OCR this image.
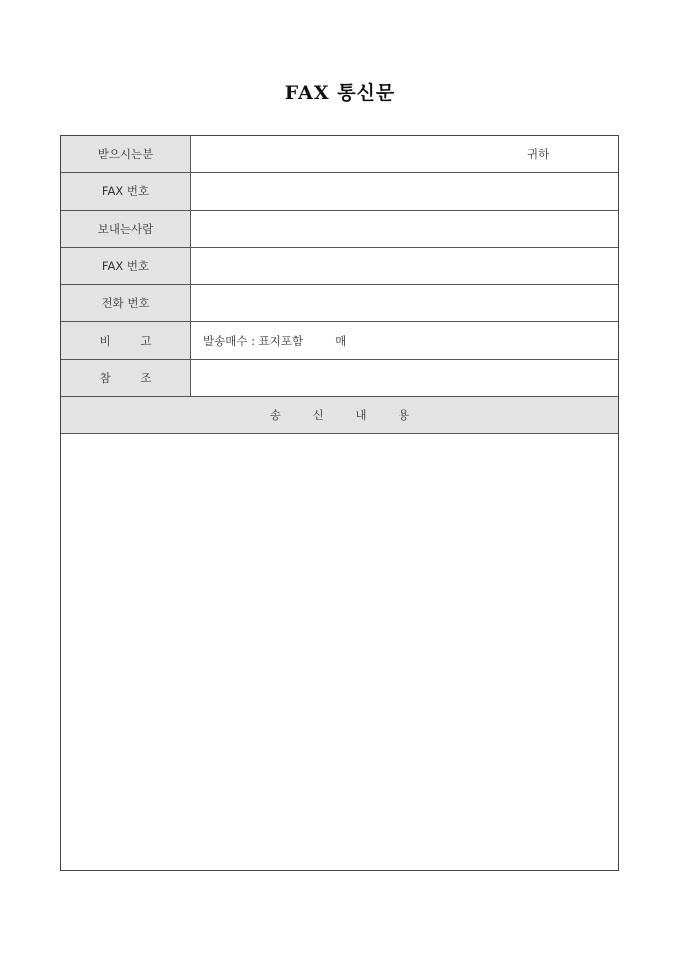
FAX 통신문
받으시는분	귀하
FAX 번호
보내는사람
FAX 번호
전화 번호
비 고	발송매수 : 표지포함	매
참 조
송 신 내 용
